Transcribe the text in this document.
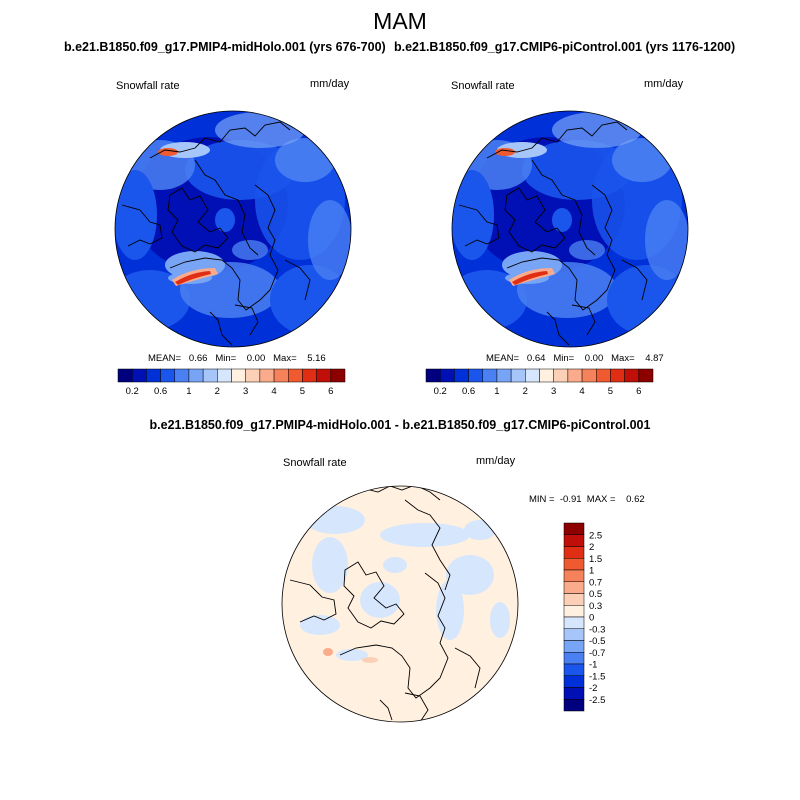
MAM
b.e21.B1850.f09_g17.PMIP4-midHolo.001 (yrs 676-700) b.e21.B1850.f09_g17.CMIP6-piControl.001 (yrs 1176-1200)
Snowfall rate	mm/day	Snowfall rate	mm/day
MEAN=   0.66   Min=    0.00   Max=    5.16	MEAN=   0.64   Min=    0.00   Max=    4.87
b.e21.B1850.f09_g17.PMIP4-midHolo.001 - b.e21.B1850.f09_g17.CMIP6-piControl.001
Snowfall rate	mm/day
MIN =  -0.91  MAX =    0.62
0.2 0.6 1 2 3 4 5 6	0.2 0.6 1 2 3 4 5 6
2.5
2
1.5
1
0.7
0.5
0.3
0
-0.3
-0.5
-0.7
-1
-1.5
-2
-2.5
